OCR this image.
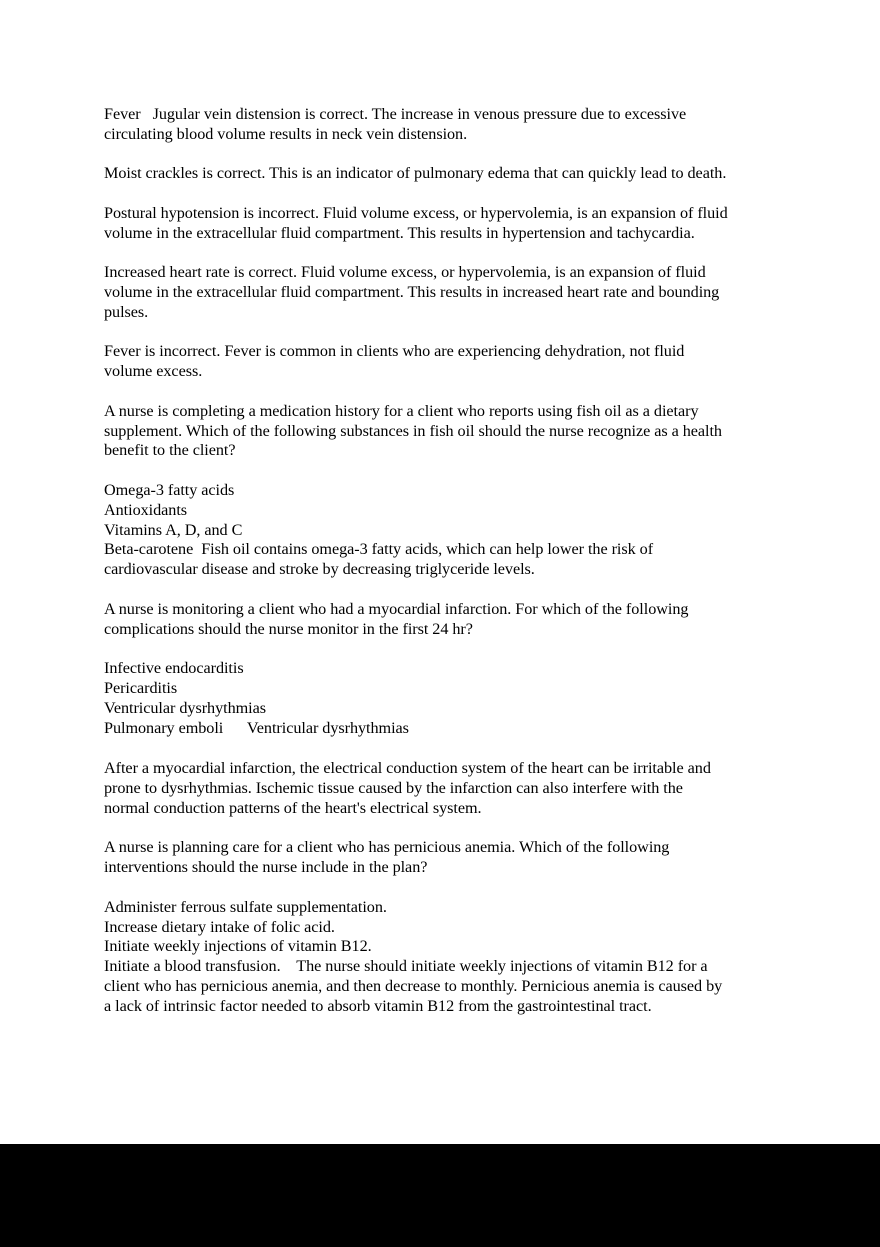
Fever   Jugular vein distension is correct. The increase in venous pressure due to excessive
circulating blood volume results in neck vein distension.
Moist crackles is correct. This is an indicator of pulmonary edema that can quickly lead to death.
Postural hypotension is incorrect. Fluid volume excess, or hypervolemia, is an expansion of fluid
volume in the extracellular fluid compartment. This results in hypertension and tachycardia.
Increased heart rate is correct. Fluid volume excess, or hypervolemia, is an expansion of fluid
volume in the extracellular fluid compartment. This results in increased heart rate and bounding
pulses.
Fever is incorrect. Fever is common in clients who are experiencing dehydration, not fluid
volume excess.
A nurse is completing a medication history for a client who reports using fish oil as a dietary
supplement. Which of the following substances in fish oil should the nurse recognize as a health
benefit to the client?
Omega-3 fatty acids
Antioxidants
Vitamins A, D, and C
Beta-carotene  Fish oil contains omega-3 fatty acids, which can help lower the risk of
cardiovascular disease and stroke by decreasing triglyceride levels.
A nurse is monitoring a client who had a myocardial infarction. For which of the following
complications should the nurse monitor in the first 24 hr?
Infective endocarditis
Pericarditis
Ventricular dysrhythmias
Pulmonary emboli      Ventricular dysrhythmias
After a myocardial infarction, the electrical conduction system of the heart can be irritable and
prone to dysrhythmias. Ischemic tissue caused by the infarction can also interfere with the
normal conduction patterns of the heart's electrical system.
A nurse is planning care for a client who has pernicious anemia. Which of the following
interventions should the nurse include in the plan?
Administer ferrous sulfate supplementation.
Increase dietary intake of folic acid.
Initiate weekly injections of vitamin B12.
Initiate a blood transfusion.    The nurse should initiate weekly injections of vitamin B12 for a
client who has pernicious anemia, and then decrease to monthly. Pernicious anemia is caused by
a lack of intrinsic factor needed to absorb vitamin B12 from the gastrointestinal tract.
